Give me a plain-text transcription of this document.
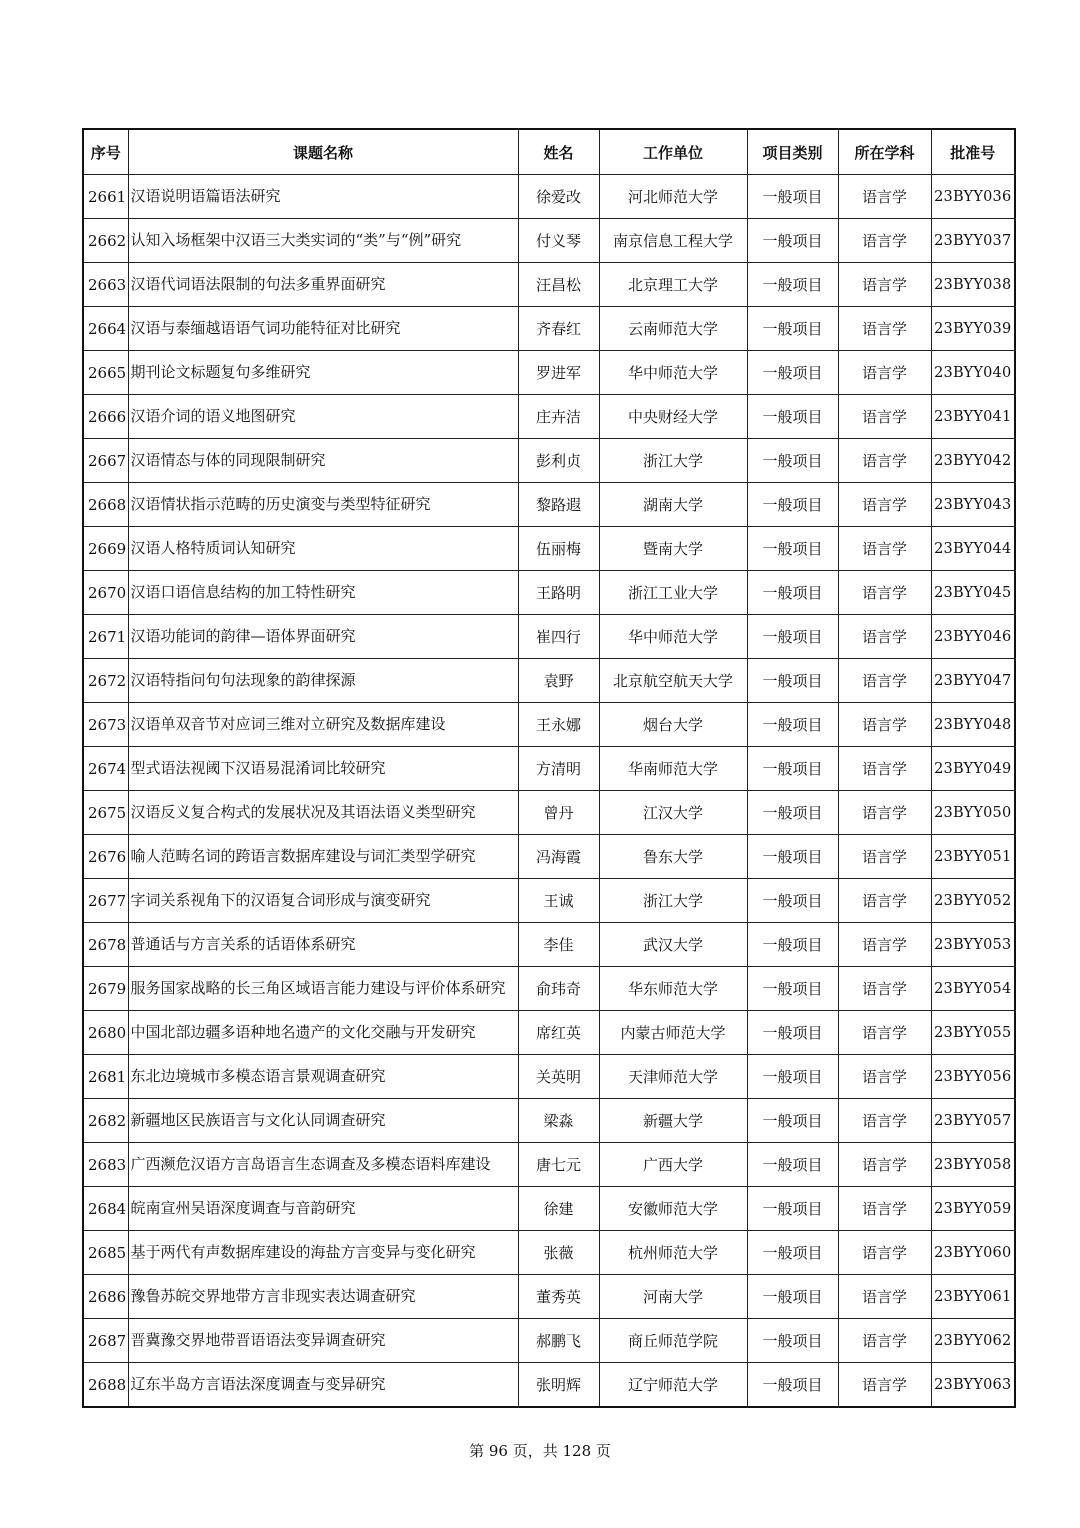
序号	课题名称	姓名	工作单位	项目类别	所在学科	批准号
2661	汉语说明语篇语法研究	徐爱改	河北师范大学	一般项目	语言学	23BYY036
2662	认知入场框架中汉语三大类实词的“类”与“例”研究	付义琴	南京信息工程大学	一般项目	语言学	23BYY037
2663	汉语代词语法限制的句法多重界面研究	汪昌松	北京理工大学	一般项目	语言学	23BYY038
2664	汉语与泰缅越语语气词功能特征对比研究	齐春红	云南师范大学	一般项目	语言学	23BYY039
2665	期刊论文标题复句多维研究	罗进军	华中师范大学	一般项目	语言学	23BYY040
2666	汉语介词的语义地图研究	庄卉洁	中央财经大学	一般项目	语言学	23BYY041
2667	汉语情态与体的同现限制研究	彭利贞	浙江大学	一般项目	语言学	23BYY042
2668	汉语情状指示范畴的历史演变与类型特征研究	黎路遐	湖南大学	一般项目	语言学	23BYY043
2669	汉语人格特质词认知研究	伍丽梅	暨南大学	一般项目	语言学	23BYY044
2670	汉语口语信息结构的加工特性研究	王路明	浙江工业大学	一般项目	语言学	23BYY045
2671	汉语功能词的韵律—语体界面研究	崔四行	华中师范大学	一般项目	语言学	23BYY046
2672	汉语特指问句句法现象的韵律探源	袁野	北京航空航天大学	一般项目	语言学	23BYY047
2673	汉语单双音节对应词三维对立研究及数据库建设	王永娜	烟台大学	一般项目	语言学	23BYY048
2674	型式语法视阈下汉语易混淆词比较研究	方清明	华南师范大学	一般项目	语言学	23BYY049
2675	汉语反义复合构式的发展状况及其语法语义类型研究	曾丹	江汉大学	一般项目	语言学	23BYY050
2676	喻人范畴名词的跨语言数据库建设与词汇类型学研究	冯海霞	鲁东大学	一般项目	语言学	23BYY051
2677	字词关系视角下的汉语复合词形成与演变研究	王诚	浙江大学	一般项目	语言学	23BYY052
2678	普通话与方言关系的话语体系研究	李佳	武汉大学	一般项目	语言学	23BYY053
2679	服务国家战略的长三角区域语言能力建设与评价体系研究	俞玮奇	华东师范大学	一般项目	语言学	23BYY054
2680	中国北部边疆多语种地名遗产的文化交融与开发研究	席红英	内蒙古师范大学	一般项目	语言学	23BYY055
2681	东北边境城市多模态语言景观调查研究	关英明	天津师范大学	一般项目	语言学	23BYY056
2682	新疆地区民族语言与文化认同调查研究	梁淼	新疆大学	一般项目	语言学	23BYY057
2683	广西濒危汉语方言岛语言生态调查及多模态语料库建设	唐七元	广西大学	一般项目	语言学	23BYY058
2684	皖南宣州吴语深度调查与音韵研究	徐建	安徽师范大学	一般项目	语言学	23BYY059
2685	基于两代有声数据库建设的海盐方言变异与变化研究	张薇	杭州师范大学	一般项目	语言学	23BYY060
2686	豫鲁苏皖交界地带方言非现实表达调查研究	董秀英	河南大学	一般项目	语言学	23BYY061
2687	晋冀豫交界地带晋语语法变异调查研究	郝鹏飞	商丘师范学院	一般项目	语言学	23BYY062
2688	辽东半岛方言语法深度调查与变异研究	张明辉	辽宁师范大学	一般项目	语言学	23BYY063
第 96 页，共 128 页
